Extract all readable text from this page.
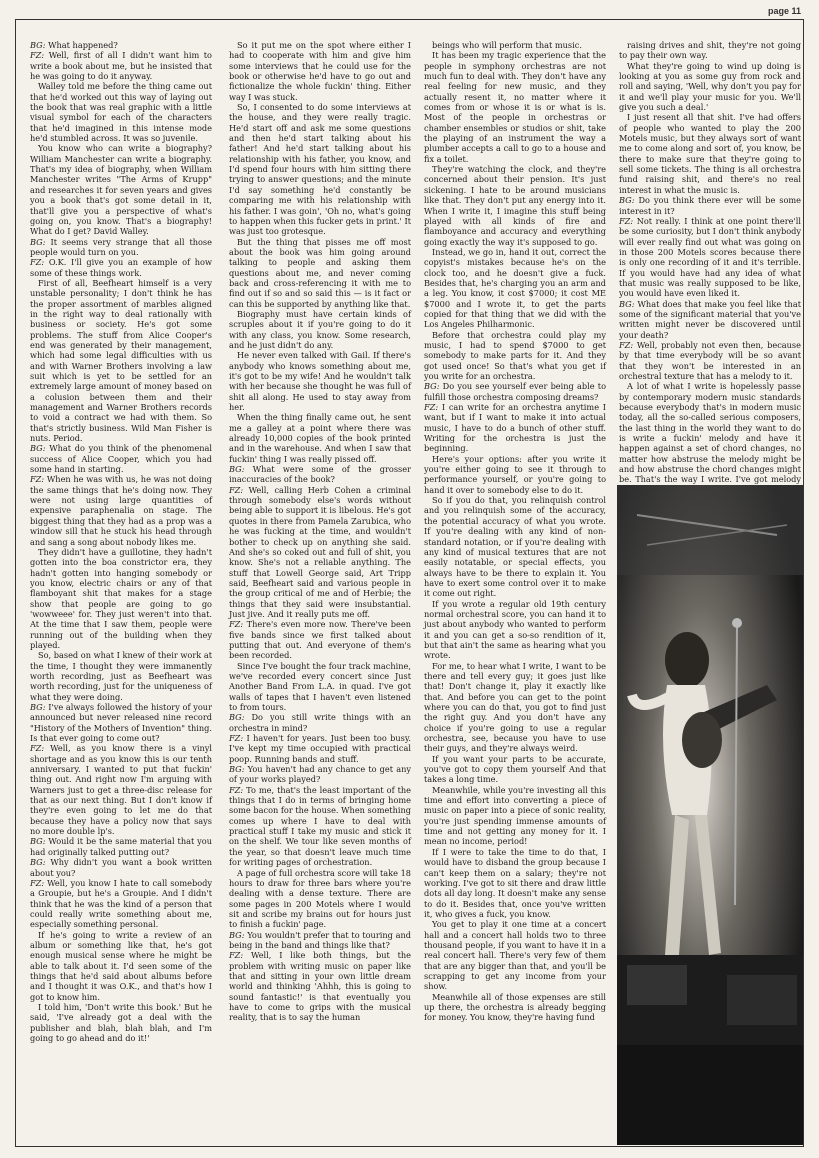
page 11

BG: What happened?

FZ: Well, first of all I didn't want him to write a book about me, but he insisted that he was going to do it anyway.

Walley told me before the thing came out that he'd worked out this way of laying out the book that was real graphic with a little visual symbol for each of the characters that he'd imagined in this intense mode he'd stumbled across. It was so juvenile.

You know who can write a biography? William Manchester can write a biography. That's my idea of biography, when William Manchester writes "The Arms of Krupp" and researches it for seven years and gives you a book that's got some detail in it, that'll give you a perspective of what's going on, you know. That's a biography! What do I get? David Walley.

BG: It seems very strange that all those people would turn on you.

FZ: O.K. I'll give you an example of how some of these things work.

First of all, Beefheart himself is a very unstable personality; I don't think he has the proper assortment of marbles aligned in the right way to deal rationally with business or society. He's got some problems. The stuff from Alice Cooper's end was generated by their management, which had some legal difficulties with us and with Warner Brothers involving a law suit which is yet to be settled for an extremely large amount of money based on a colusion between them and their management and Warner Brothers records to void a contract we had with them. So that's strictly business. Wild Man Fisher is nuts. Period.

BG: What do you think of the phenomenal success of Alice Cooper, which you had some hand in starting.

FZ: When he was with us, he was not doing the same things that he's doing now. They were not using large quantities of expensive paraphenalia on stage. The biggest thing that they had as a prop was a window sill that he stuck his head through and sang a song about nobody likes me.

They didn't have a guillotine, they hadn't gotten into the boa constrictor era, they hadn't gotten into hanging somebody or you know, electric chairs or any of that flamboyant shit that makes for a stage show that people are going to go 'wowweee' for. They just weren't into that. At the time that I saw them, people were running out of the building when they played.

So, based on what I knew of their work at the time, I thought they were immanently worth recording, just as Beefheart was worth recording, just for the uniqueness of what they were doing.

BG: I've always followed the history of your announced but never released nine record "History of the Mothers of Invention" thing. Is that ever going to come out?

FZ: Well, as you know there is a vinyl shortage and as you know this is our tenth anniversary. I wanted to put that fuckin' thing out. And right now I'm arguing with Warners just to get a three-disc release for that as our next thing. But I don't know if they're even going to let me do that because they have a policy now that says no more double lp's.

BG: Would it be the same material that you had originally talked putting out?

BG: Why didn't you want a book written about you?

FZ: Well, you know I hate to call somebody a Groupie, but he's a Groupie. And I didn't think that he was the kind of a person that could really write something about me, especially something personal.

If he's going to write a review of an album or something like that, he's got enough musical sense where he might be able to talk about it. I'd seen some of the things that he'd said about albums before and I thought it was O.K., and that's how I got to know him.

I told him, 'Don't write this book.' But he said, 'I've already got a deal with the publisher and blah, blah blah, and I'm going to go ahead and do it!'

So it put me on the spot where either I had to cooperate with him and give him some interviews that he could use for the book or otherwise he'd have to go out and fictionalize the whole fuckin' thing. Either way I was stuck.

So, I consented to do some interviews at the house, and they were really tragic. He'd start off and ask me some questions and then he'd start talking about his father! And he'd start talking about his relationship with his father, you know, and I'd spend four hours with him sitting there trying to answer questions; and the minute I'd say something he'd constantly be comparing me with his relationship with his father. I was goin', 'Oh no, what's going to happen when this fucker gets in print.' It was just too grotesque.

But the thing that pisses me off most about the book was him going around talking to people and asking them questions about me, and never coming back and cross-referencing it with me to find out if so and so said this — is it fact or can this be supported by anything like that.

Biography must have certain kinds of scruples about it if you're going to do it with any class, you know. Some research, and he just didn't do any.

He never even talked with Gail. If there's anybody who knows something about me, it's got to be my wife! And he wouldn't talk with her because she thought he was full of shit all along. He used to stay away from her.

When the thing finally came out, he sent me a galley at a point where there was already 10,000 copies of the book printed and in the warehouse. And when I saw that fuckin' thing I was really pissed off.

BG: What were some of the grosser inaccuracies of the book?

FZ: Well, calling Herb Cohen a criminal through somebody else's words without being able to support it is libelous. He's got quotes in there from Pamela Zarubica, who he was fucking at the time, and wouldn't bother to check up on anything she said. And she's so coked out and full of shit, you know. She's not a reliable anything. The stuff that Lowell George said, Art Tripp said, Beefheart said and various people in the group critical of me and of Herbie; the things that they said were insubstantial. Just jive. And it really puts me off.

FZ: There's even more now. There've been five bands since we first talked about putting that out. And everyone of them's been recorded.

Since I've bought the four track machine, we've recorded every concert since Just Another Band From L.A. in quad. I've got walls of tapes that I haven't even listened to from tours.

BG: Do you still write things with an orchestra in mind?

FZ: I haven't for years. Just been too busy. I've kept my time occupied with practical poop. Running bands and stuff.

BG: You haven't had any chance to get any of your works played?

FZ: To me, that's the least important of the things that I do in terms of bringing home some bacon for the house. When something comes up where I have to deal with practical stuff I take my music and stick it on the shelf. We tour like seven months of the year, so that doesn't leave much time for writing pages of orchestration.

A page of full orchestra score will take 18 hours to draw for three bars where you're dealing with a dense texture. There are some pages in 200 Motels where I would sit and scribe my brains out for hours just to finish a fuckin' page.

BG: You wouldn't prefer that to touring and being in the band and things like that?

FZ: Well, I like both things, but the problem with writing music on paper like that and sitting in your own little dream world and thinking 'Ahhh, this is going to sound fantastic!' is that eventually you have to come to grips with the musical reality, that is to say the human

beings who will perform that music.

It has been my tragic experience that the people in symphony orchestras are not much fun to deal with. They don't have any real feeling for new music, and they actually resent it, no matter where it comes from or whose it is or what is is. Most of the people in orchestras or chamber ensembles or studios or shit, take the playing of an instrument the way a plumber accepts a call to go to a house and fix a toilet.

They're watching the clock, and they're concerned about their pension. It's just sickening. I hate to be around musicians like that. They don't put any energy into it. When I write it, I imagine this stuff being played with all kinds of fire and flamboyance and accuracy and everything going exactly the way it's supposed to go.

Instead, we go in, hand it out, correct the copyist's mistakes because he's on the clock too, and he doesn't give a fuck. Besides that, he's charging you an arm and a leg. You know, it cost $7000; it cost ME $7000 and I wrote it, to get the parts copied for that thing that we did with the Los Angeles Philharmonic.

Before that orchestra could play my music, I had to spend $7000 to get somebody to make parts for it. And they got used once! So that's what you get if you write for an orchestra.

BG: Do you see yourself ever being able to fulfill those orchestra composing dreams?

FZ: I can write for an orchestra anytime I want, but if I want to make it into actual music, I have to do a bunch of other stuff. Writing for the orchestra is just the beginning.

Here's your options: after you write it you're either going to see it through to performance yourself, or you're going to hand it over to somebody else to do it.

So if you do that, you relinquish control and you relinquish some of the accuracy, the potential accuracy of what you wrote. If you're dealing with any kind of non-standard notation, or if you're dealing with any kind of musical textures that are not easily notatable, or special effects, you always have to be there to explain it. You have to exert some control over it to make it come out right.

If you wrote a regular old 19th century normal orchestral score, you can hand it to just about anybody who wanted to perform it and you can get a so-so rendition of it, but that ain't the same as hearing what you wrote.

For me, to hear what I write, I want to be there and tell every guy; it goes just like that! Don't change it, play it exactly like that. And before you can get to the point where you can do that, you got to find just the right guy. And you don't have any choice if you're going to use a regular orchestra, see, because you have to use their guys, and they're always weird.

If you want your parts to be accurate, you've got to copy them yourself And that takes a long time.

Meanwhile, while you're investing all this time and effort into converting a piece of music on paper into a piece of sonic reality, you're just spending immense amounts of time and not getting any money for it. I mean no income, period!

If I were to take the time to do that, I would have to disband the group because I can't keep them on a salary; they're not working. I've got to sit there and draw little dots all day long. It doesn't make any sense to do it. Besides that, once you've written it, who gives a fuck, you know.

You get to play it one time at a concert hall and a concert hall holds two to three thousand people, if you want to have it in a real concert hall. There's very few of them that are any bigger than that, and you'll be scrapping to get any income from your show.

Meanwhile all of those expenses are still up there, the orchestra is already begging for money. You know, they're having fund

raising drives and shit, they're not going to pay their own way.

What they're going to wind up doing is looking at you as some guy from rock and roll and saying, 'Well, why don't you pay for it and we'll play your music for you. We'll give you such a deal.'

I just resent all that shit. I've had offers of people who wanted to play the 200 Motels music, but they always sort of want me to come along and sort of, you know, be there to make sure that they're going to sell some tickets. The thing is all orchestra fund raising shit, and there's no real interest in what the music is.

BG: Do you think there ever will be some interest in it?

FZ: Not really. I think at one point there'll be some curiosity, but I don't think anybody will ever really find out what was going on in those 200 Motels scores because there is only one recording of it and it's terrible. If you would have had any idea of what that music was really supposed to be like, you would have even liked it.

BG: What does that make you feel like that some of the significant material that you've written might never be discovered until your death?

FZ: Well, probably not even then, because by that time everybody will be so avant that they won't be interested in an orchestral texture that has a melody to it.

A lot of what I write is hopelessly passe by contemporary modern music standards because everybody that's in modern music today, all the so-called serious composers, the last thing in the world they want to do is write a fuckin' melody and have it happen against a set of chord changes, no matter how abstruse the melody might be and how abstruse the chord changes might be. That's the way I write. I've got melody
